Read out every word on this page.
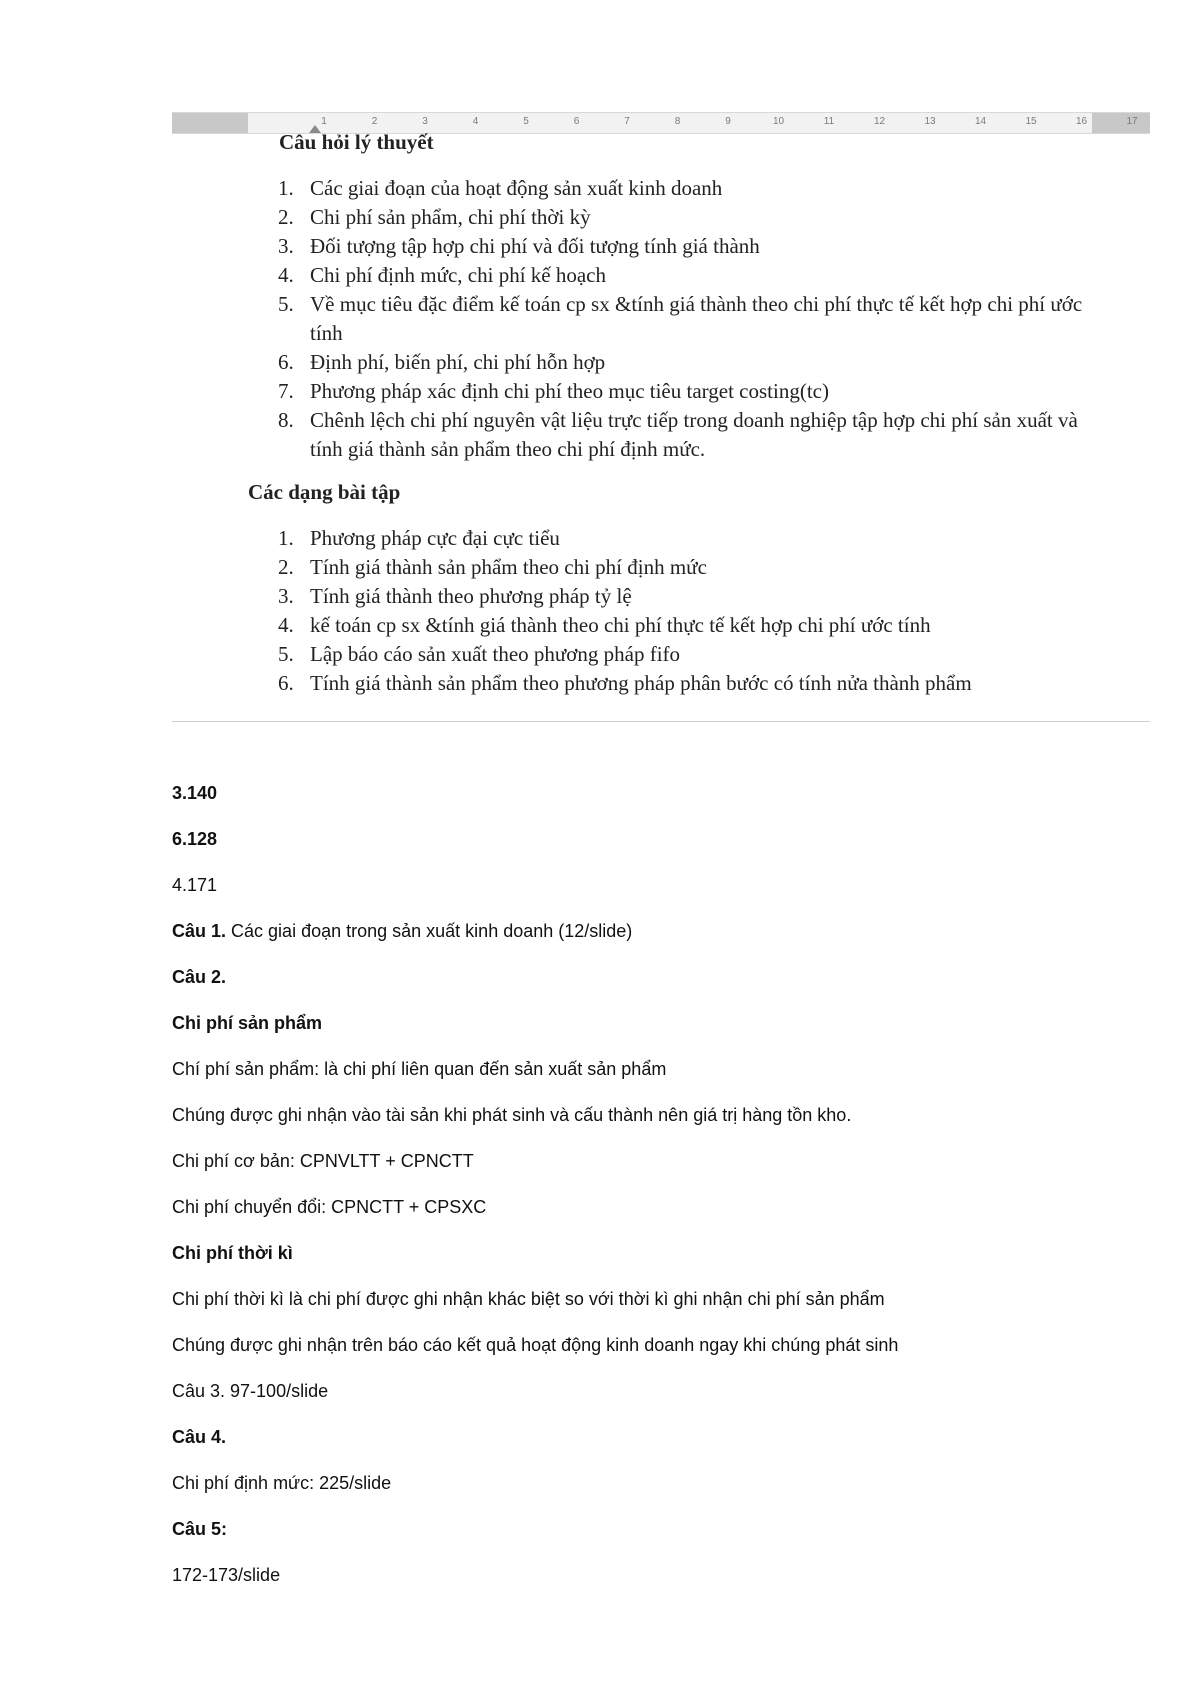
1	2	3	4	5	6	7	8	9	10	11	12	13	14	15	16	17
Câu hỏi lý thuyết
1. Các giai đoạn của hoạt động sản xuất kinh doanh
2. Chi phí sản phẩm, chi phí thời kỳ
3. Đối tượng tập hợp chi phí và đối tượng tính giá thành
4. Chi phí định mức, chi phí kế hoạch
5. Về mục tiêu đặc điểm kế toán cp sx &tính giá thành theo chi phí thực tế kết hợp chi phí ước tính
6. Định phí, biến phí, chi phí hỗn hợp
7. Phương pháp xác định chi phí theo mục tiêu target costing(tc)
8. Chênh lệch chi phí nguyên vật liệu trực tiếp trong doanh nghiệp tập hợp chi phí sản xuất và tính giá thành sản phẩm theo chi phí định mức.
Các dạng bài tập
1. Phương pháp cực đại cực tiểu
2. Tính giá thành sản phẩm theo chi phí định mức
3. Tính giá thành theo phương pháp tỷ lệ
4. kế toán cp sx &tính giá thành theo chi phí thực tế kết hợp chi phí ước tính
5. Lập báo cáo sản xuất theo phương pháp fifo
6. Tính giá thành sản phẩm theo phương pháp phân bước có tính nửa thành phẩm

3.140

6.128

4.171

Câu 1. Các giai đoạn trong sản xuất kinh doanh (12/slide)

Câu 2.

Chi phí sản phẩm

Chí phí sản phẩm: là chi phí liên quan đến sản xuất sản phẩm

Chúng được ghi nhận vào tài sản khi phát sinh và cấu thành nên giá trị hàng tồn kho.

Chi phí cơ bản: CPNVLTT + CPNCTT

Chi phí chuyển đổi: CPNCTT + CPSXC

Chi phí thời kì

Chi phí thời kì là chi phí được ghi nhận khác biệt so với thời kì ghi nhận chi phí sản phẩm

Chúng được ghi nhận trên báo cáo kết quả hoạt động kinh doanh ngay khi chúng phát sinh

Câu 3. 97-100/slide

Câu 4.

Chi phí định mức: 225/slide

Câu 5:

172-173/slide
